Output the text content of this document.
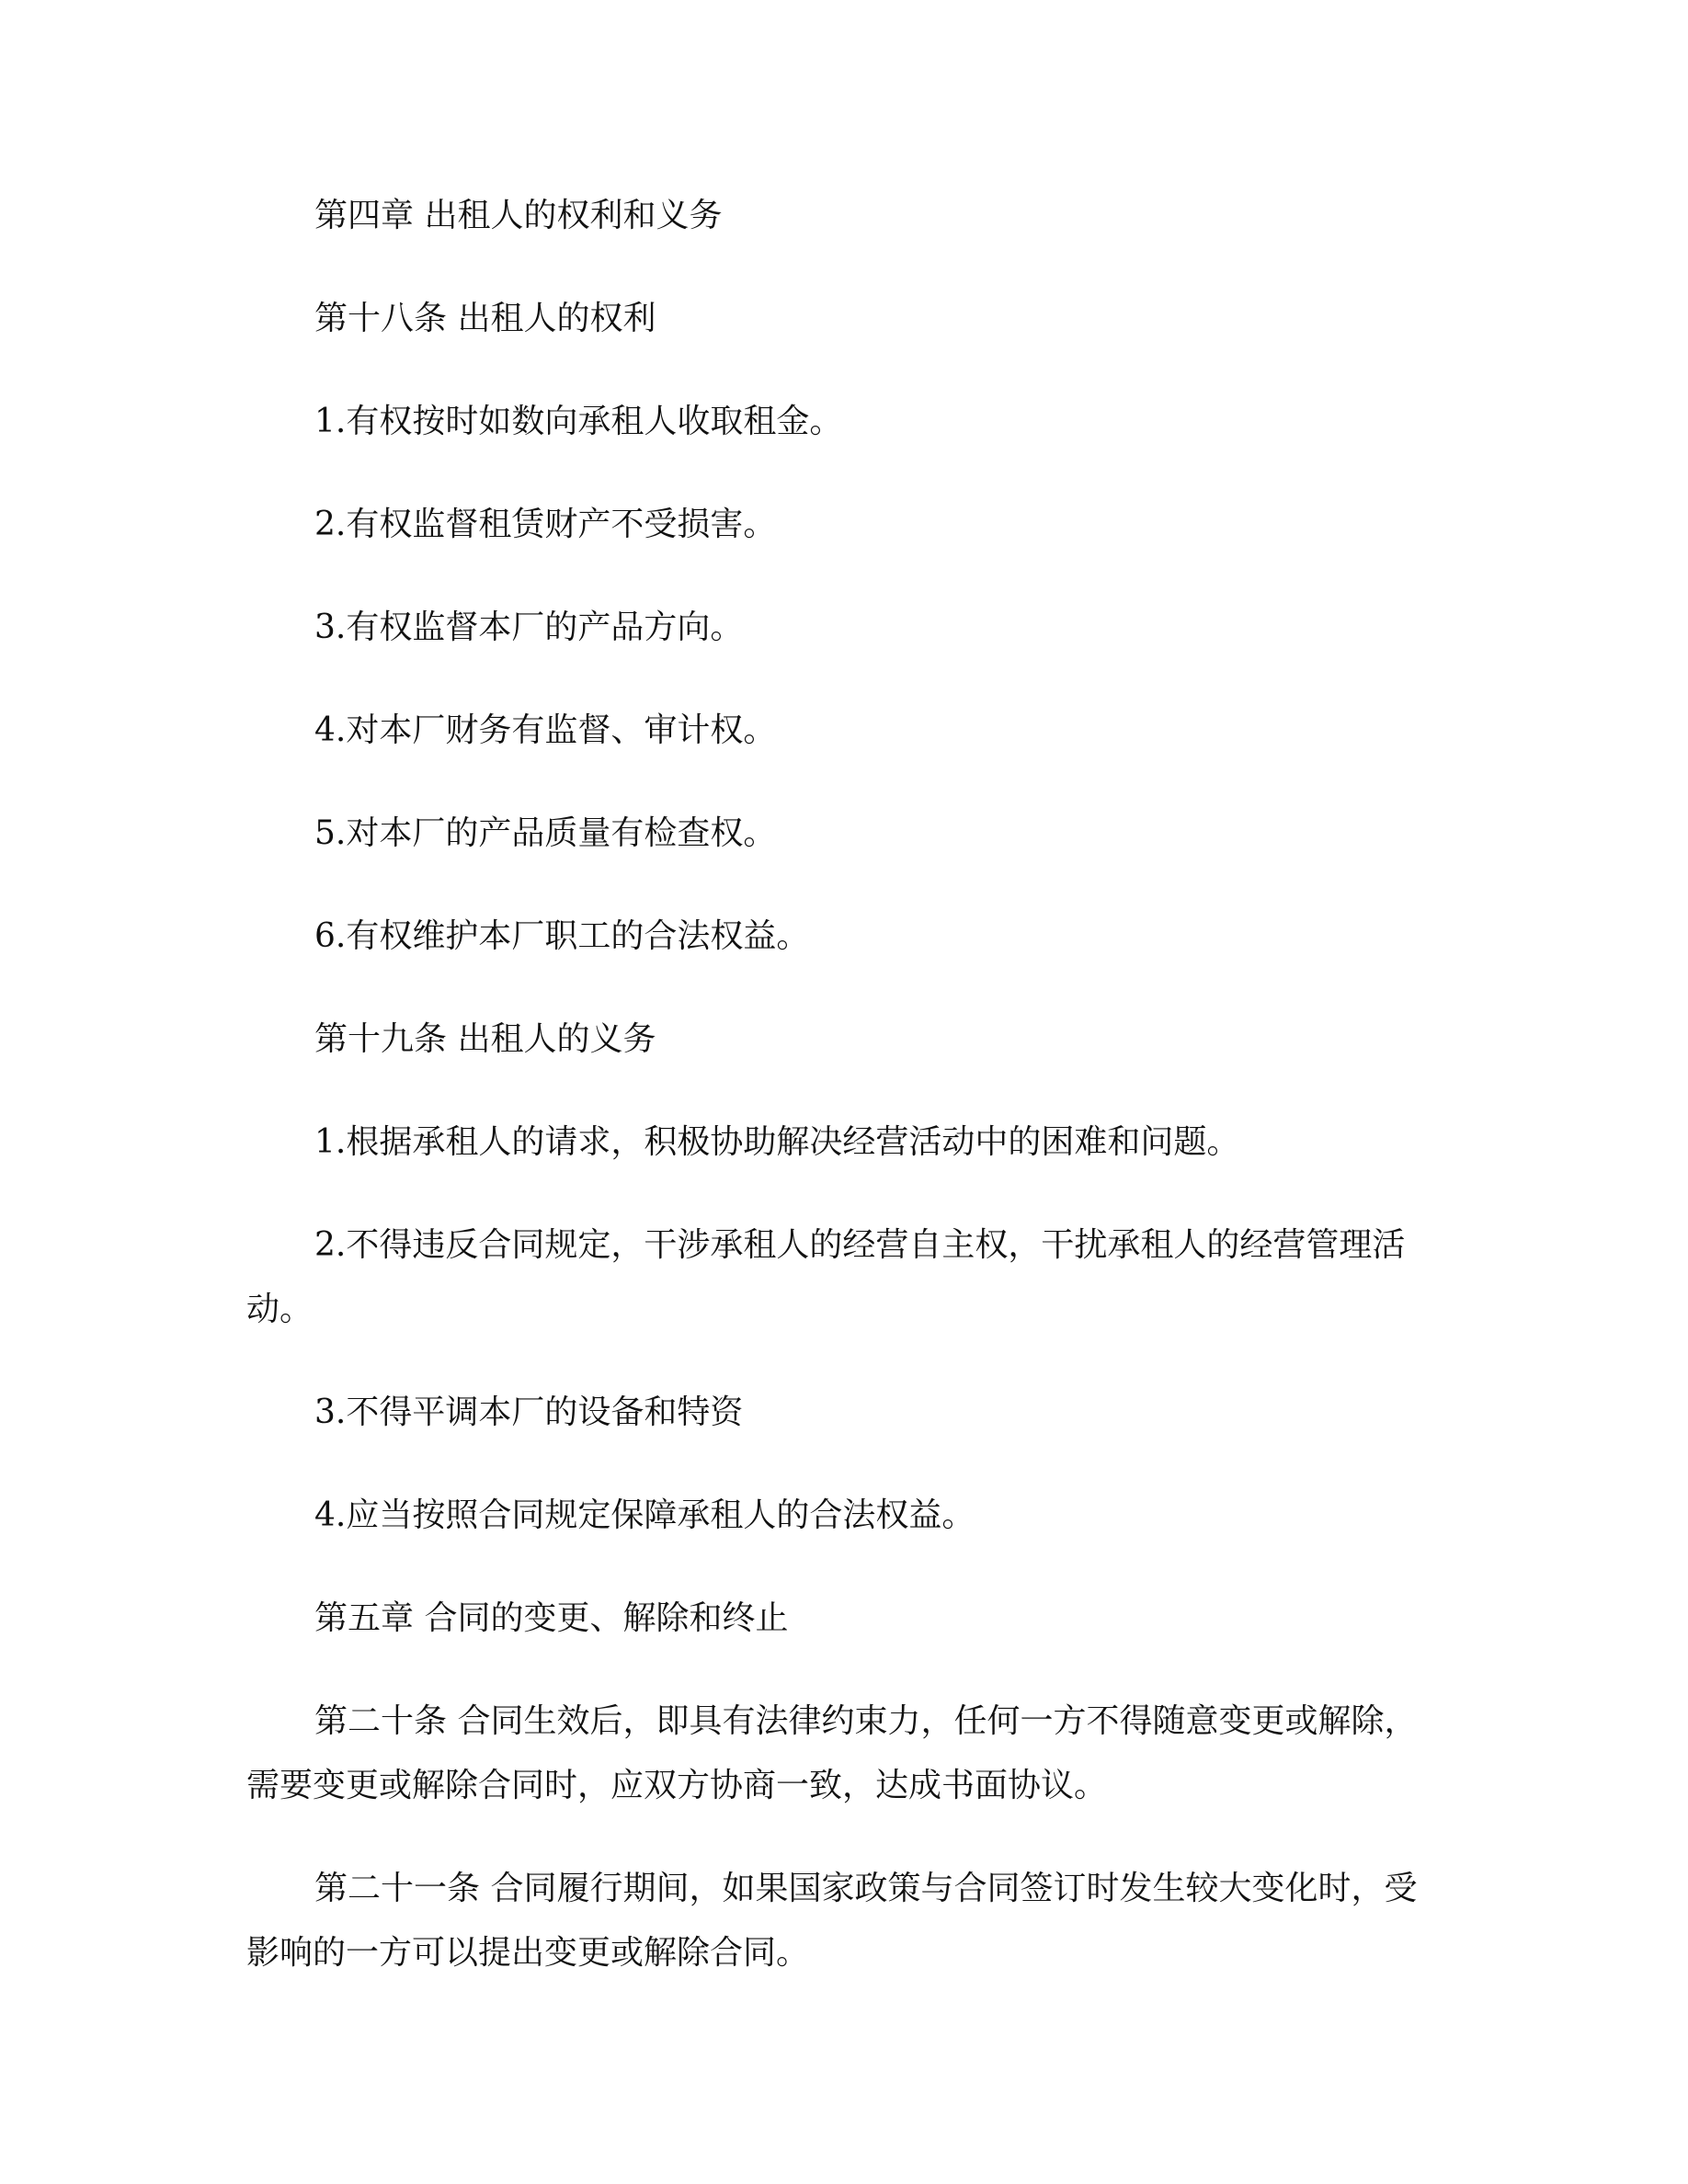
第四章 出租人的权利和义务

第十八条 出租人的权利

1.有权按时如数向承租人收取租金。

2.有权监督租赁财产不受损害。

3.有权监督本厂的产品方向。

4.对本厂财务有监督、审计权。

5.对本厂的产品质量有检查权。

6.有权维护本厂职工的合法权益。

第十九条 出租人的义务

1.根据承租人的请求，积极协助解决经营活动中的困难和问题。

2.不得违反合同规定，干涉承租人的经营自主权，干扰承租人的经营管理活动。

3.不得平调本厂的设备和特资

4.应当按照合同规定保障承租人的合法权益。

第五章 合同的变更、解除和终止

第二十条 合同生效后，即具有法律约束力，任何一方不得随意变更或解除，需要变更或解除合同时，应双方协商一致，达成书面协议。

第二十一条 合同履行期间，如果国家政策与合同签订时发生较大变化时，受影响的一方可以提出变更或解除合同。
